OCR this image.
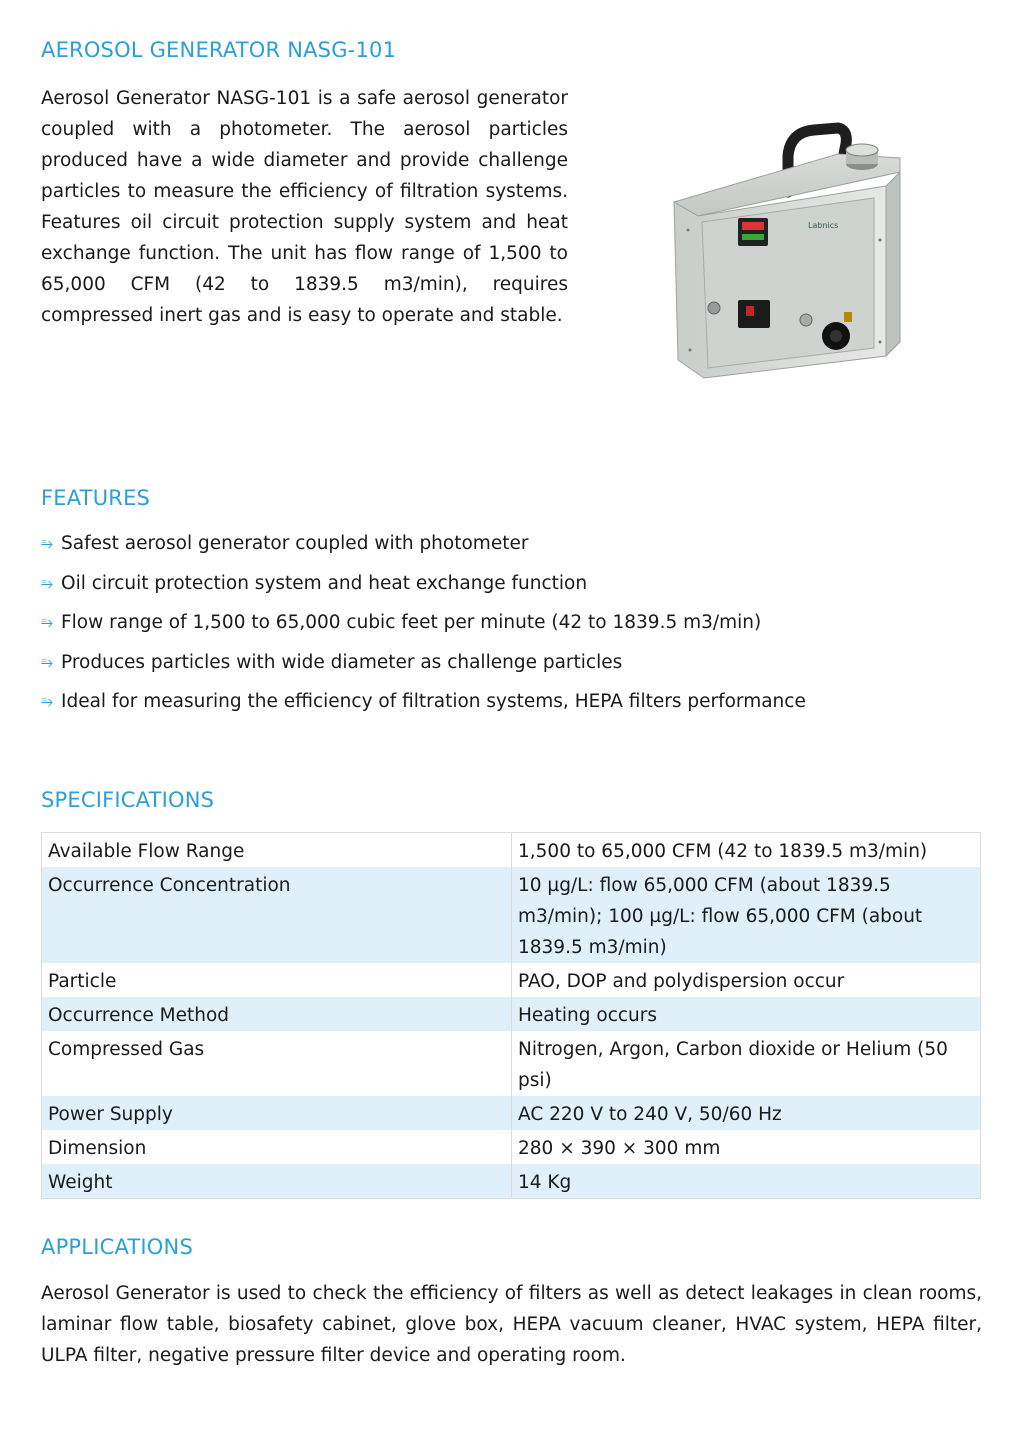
AEROSOL GENERATOR NASG-101

Aerosol Generator NASG-101 is a safe aerosol generator coupled with a photometer. The aerosol particles produced have a wide diameter and provide challenge particles to measure the efficiency of filtration systems. Features oil circuit protection supply system and heat exchange function. The unit has flow range of 1,500 to 65,000 CFM (42 to 1839.5 m3/min), requires compressed inert gas and is easy to operate and stable.

Labnics
FEATURES
⥱ Safest aerosol generator coupled with photometer
⥱ Oil circuit protection system and heat exchange function
⥱ Flow range of 1,500 to 65,000 cubic feet per minute (42 to 1839.5 m3/min)
⥱ Produces particles with wide diameter as challenge particles
⥱ Ideal for measuring the efficiency of filtration systems, HEPA filters performance
SPECIFICATIONS
Available Flow Range	1,500 to 65,000 CFM (42 to 1839.5 m3/min)
Occurrence Concentration	10 µg/L: flow 65,000 CFM (about 1839.5 m3/min); 100 µg/L: flow 65,000 CFM (about 1839.5 m3/min)
Particle	PAO, DOP and polydispersion occur
Occurrence Method	Heating occurs
Compressed Gas	Nitrogen, Argon, Carbon dioxide or Helium (50 psi)
Power Supply	AC 220 V to 240 V, 50/60 Hz
Dimension	280 × 390 × 300 mm
Weight	14 Kg
APPLICATIONS

Aerosol Generator is used to check the efficiency of filters as well as detect leakages in clean rooms, laminar flow table, biosafety cabinet, glove box, HEPA vacuum cleaner, HVAC system, HEPA filter, ULPA filter, negative pressure filter device and operating room.
